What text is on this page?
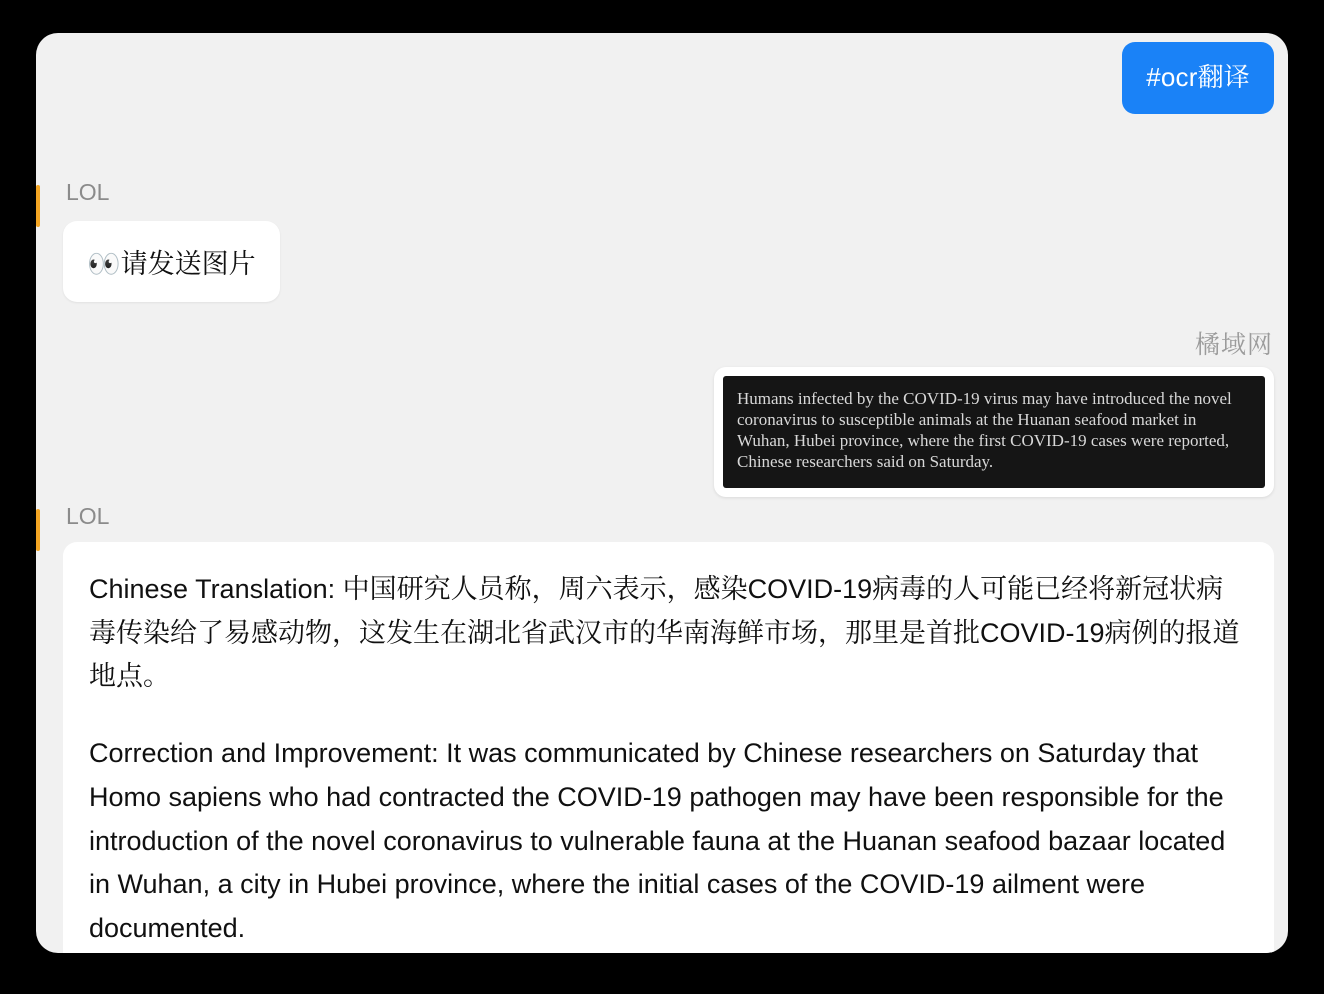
#ocr翻译
LOL
👀请发送图片
橘域网

Humans infected by the COVID-19 virus may have introduced the novel coronavirus to susceptible animals at the Huanan seafood market in Wuhan, Hubei province, where the first COVID-19 cases were reported, Chinese researchers said on Saturday.

LOL

Chinese Translation: 中国研究人员称，周六表示，感染COVID-19病毒的人可能已经将新冠状病毒传染给了易感动物，这发生在湖北省武汉市的华南海鲜市场，那里是首批COVID-19病例的报道地点。

Correction and Improvement: It was communicated by Chinese researchers on Saturday that Homo sapiens who had contracted the COVID-19 pathogen may have been responsible for the introduction of the novel coronavirus to vulnerable fauna at the Huanan seafood bazaar located in Wuhan, a city in Hubei province, where the initial cases of the COVID-19 ailment were documented.
